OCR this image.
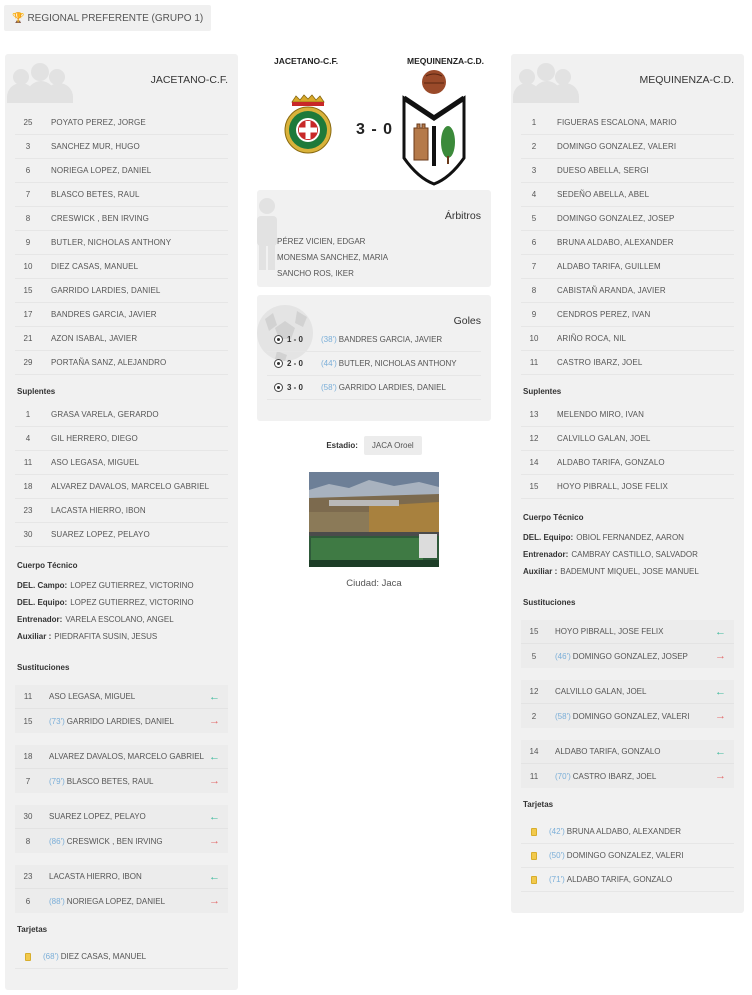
🏆 REGIONAL PREFERENTE (GRUPO 1)
JACETANO-C.F.
25	POYATO PEREZ, JORGE
3	SANCHEZ MUR, HUGO
6	NORIEGA LOPEZ, DANIEL
7	BLASCO BETES, RAUL
8	CRESWICK , BEN IRVING
9	BUTLER, NICHOLAS ANTHONY
10	DIEZ CASAS, MANUEL
15	GARRIDO LARDIES, DANIEL
17	BANDRES GARCIA, JAVIER
21	AZON ISABAL, JAVIER
29	PORTAÑA SANZ, ALEJANDRO
Suplentes
1	GRASA VARELA, GERARDO
4	GIL HERRERO, DIEGO
11	ASO LEGASA, MIGUEL
18	ALVAREZ DAVALOS, MARCELO GABRIEL
23	LACASTA HIERRO, IBON
30	SUAREZ LOPEZ, PELAYO
Cuerpo Técnico
DEL. Campo: LOPEZ GUTIERREZ, VICTORINO
DEL. Equipo: LOPEZ GUTIERREZ, VICTORINO
Entrenador: VARELA ESCOLANO, ANGEL
Auxiliar : PIEDRAFITA SUSIN, JESUS
Sustituciones
11	ASO LEGASA, MIGUEL	←
15	(73') GARRIDO LARDIES, DANIEL	→
18	ALVAREZ DAVALOS, MARCELO GABRIEL ←
7	(79') BLASCO BETES, RAUL	→
30	SUAREZ LOPEZ, PELAYO	←
8	(86') CRESWICK , BEN IRVING	→
23	LACASTA HIERRO, IBON	←
6	(88') NORIEGA LOPEZ, DANIEL	→
Tarjetas
(68') DIEZ CASAS, MANUEL
JACETANO-C.F.	MEQUINENZA-C.D.
3 - 0
Árbitros
PÉREZ VICIEN, EDGAR
MONESMA SANCHEZ, MARIA
SANCHO ROS, IKER
Goles
1 - 0	(38') BANDRES GARCIA, JAVIER
2 - 0	(44') BUTLER, NICHOLAS ANTHONY
3 - 0	(58') GARRIDO LARDIES, DANIEL
Estadio:	JACA Oroel
Ciudad: Jaca
MEQUINENZA-C.D.
1	FIGUERAS ESCALONA, MARIO
2	DOMINGO GONZALEZ, VALERI
3	DUESO ABELLA, SERGI
4	SEDEÑO ABELLA, ABEL
5	DOMINGO GONZALEZ, JOSEP
6	BRUNA ALDABO, ALEXANDER
7	ALDABO TARIFA, GUILLEM
8	CABISTAÑ ARANDA, JAVIER
9	CENDROS PEREZ, IVAN
10	ARIÑO ROCA, NIL
11	CASTRO IBARZ, JOEL
Suplentes
13	MELENDO MIRO, IVAN
12	CALVILLO GALAN, JOEL
14	ALDABO TARIFA, GONZALO
15	HOYO PIBRALL, JOSE FELIX
Cuerpo Técnico
DEL. Equipo: OBIOL FERNANDEZ, AARON
Entrenador: CAMBRAY CASTILLO, SALVADOR
Auxiliar : BADEMUNT MIQUEL, JOSE MANUEL
Sustituciones
15	HOYO PIBRALL, JOSE FELIX	←
5	(46') DOMINGO GONZALEZ, JOSEP →
12	CALVILLO GALAN, JOEL	←
2	(58') DOMINGO GONZALEZ, VALERI →
14	ALDABO TARIFA, GONZALO	←
11	(70') CASTRO IBARZ, JOEL	→
Tarjetas
(42') BRUNA ALDABO, ALEXANDER
(50') DOMINGO GONZALEZ, VALERI
(71') ALDABO TARIFA, GONZALO
